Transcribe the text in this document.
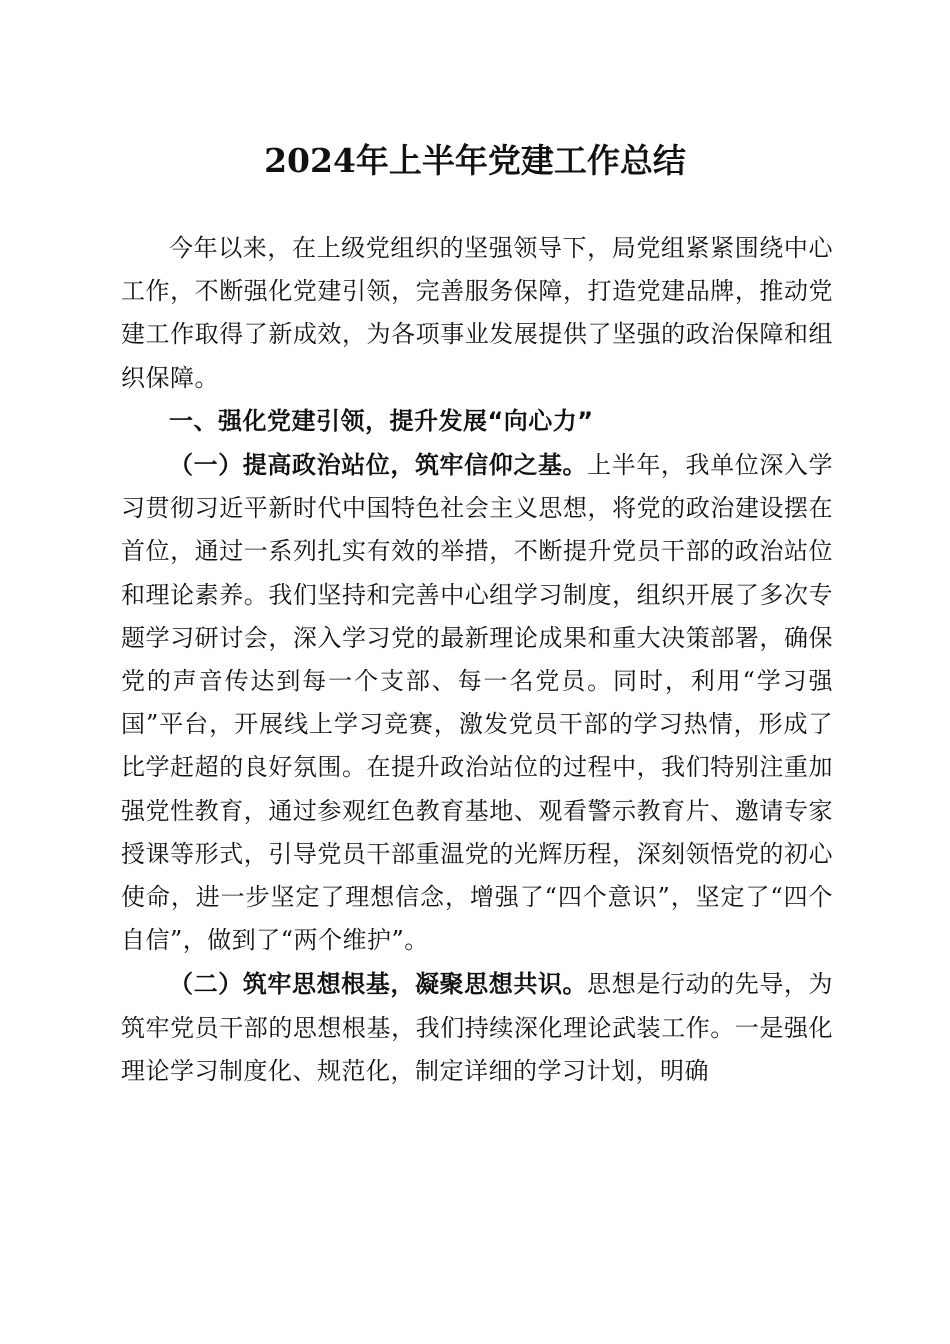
2024年上半年党建工作总结

今年以来，在上级党组织的坚强领导下，局党组紧紧围绕中心工作，不断强化党建引领，完善服务保障，打造党建品牌，推动党建工作取得了新成效，为各项事业发展提供了坚强的政治保障和组织保障。

一、强化党建引领，提升发展“向心力”

（一）提高政治站位，筑牢信仰之基。上半年，我单位深入学习贯彻习近平新时代中国特色社会主义思想，将党的政治建设摆在首位，通过一系列扎实有效的举措，不断提升党员干部的政治站位和理论素养。我们坚持和完善中心组学习制度，组织开展了多次专题学习研讨会，深入学习党的最新理论成果和重大决策部署，确保党的声音传达到每一个支部、每一名党员。同时，利用“学习强国”平台，开展线上学习竞赛，激发党员干部的学习热情，形成了比学赶超的良好氛围。在提升政治站位的过程中，我们特别注重加强党性教育，通过参观红色教育基地、观看警示教育片、邀请专家授课等形式，引导党员干部重温党的光辉历程，深刻领悟党的初心使命，进一步坚定了理想信念，增强了“四个意识”，坚定了“四个自信”，做到了“两个维护”。

（二）筑牢思想根基，凝聚思想共识。思想是行动的先导，为筑牢党员干部的思想根基，我们持续深化理论武装工作。一是强化理论学习制度化、规范化，制定详细的学习计划，明确
